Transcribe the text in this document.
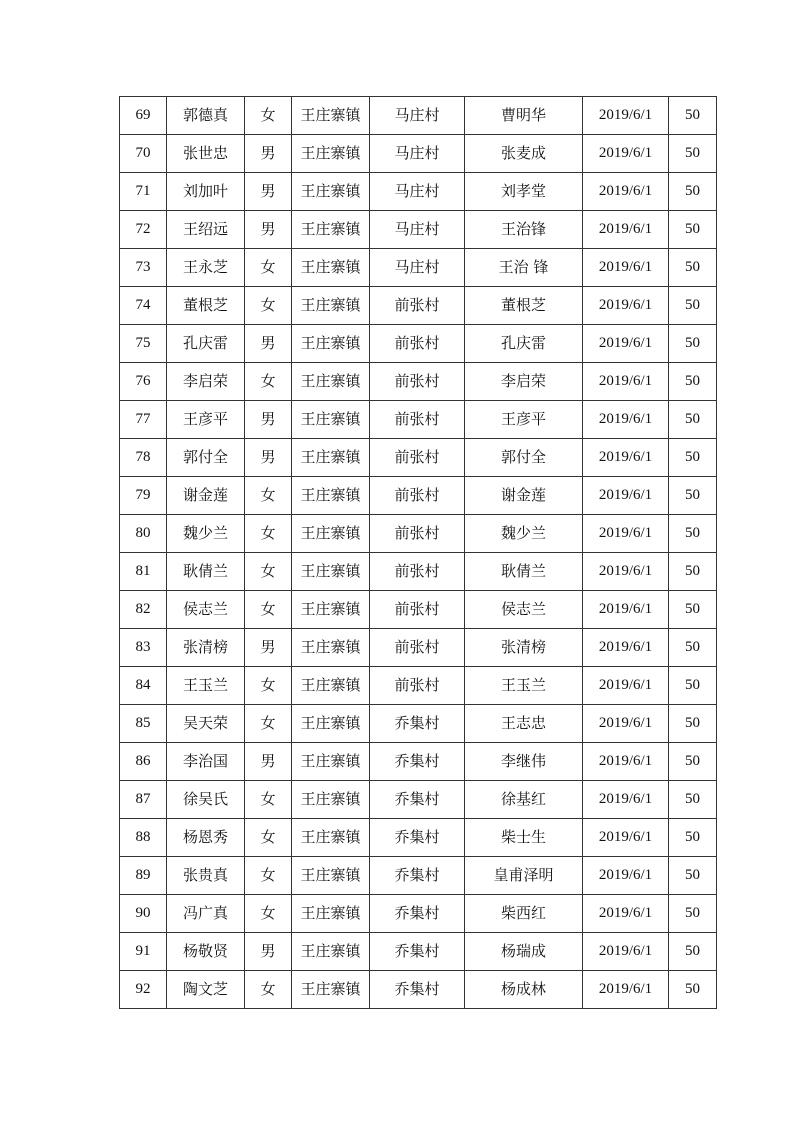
69	郭德真	女	王庄寨镇	马庄村	曹明华	2019/6/1	50
70	张世忠	男	王庄寨镇	马庄村	张麦成	2019/6/1	50
71	刘加叶	男	王庄寨镇	马庄村	刘孝堂	2019/6/1	50
72	王绍远	男	王庄寨镇	马庄村	王治锋	2019/6/1	50
73	王永芝	女	王庄寨镇	马庄村	王治 锋	2019/6/1	50
74	董根芝	女	王庄寨镇	前张村	董根芝	2019/6/1	50
75	孔庆雷	男	王庄寨镇	前张村	孔庆雷	2019/6/1	50
76	李启荣	女	王庄寨镇	前张村	李启荣	2019/6/1	50
77	王彦平	男	王庄寨镇	前张村	王彦平	2019/6/1	50
78	郭付全	男	王庄寨镇	前张村	郭付全	2019/6/1	50
79	谢金莲	女	王庄寨镇	前张村	谢金莲	2019/6/1	50
80	魏少兰	女	王庄寨镇	前张村	魏少兰	2019/6/1	50
81	耿倩兰	女	王庄寨镇	前张村	耿倩兰	2019/6/1	50
82	侯志兰	女	王庄寨镇	前张村	侯志兰	2019/6/1	50
83	张清榜	男	王庄寨镇	前张村	张清榜	2019/6/1	50
84	王玉兰	女	王庄寨镇	前张村	王玉兰	2019/6/1	50
85	吴天荣	女	王庄寨镇	乔集村	王志忠	2019/6/1	50
86	李治国	男	王庄寨镇	乔集村	李继伟	2019/6/1	50
87	徐吴氏	女	王庄寨镇	乔集村	徐基红	2019/6/1	50
88	杨恩秀	女	王庄寨镇	乔集村	柴士生	2019/6/1	50
89	张贵真	女	王庄寨镇	乔集村	皇甫泽明	2019/6/1	50
90	冯广真	女	王庄寨镇	乔集村	柴西红	2019/6/1	50
91	杨敬贤	男	王庄寨镇	乔集村	杨瑞成	2019/6/1	50
92	陶文芝	女	王庄寨镇	乔集村	杨成林	2019/6/1	50
